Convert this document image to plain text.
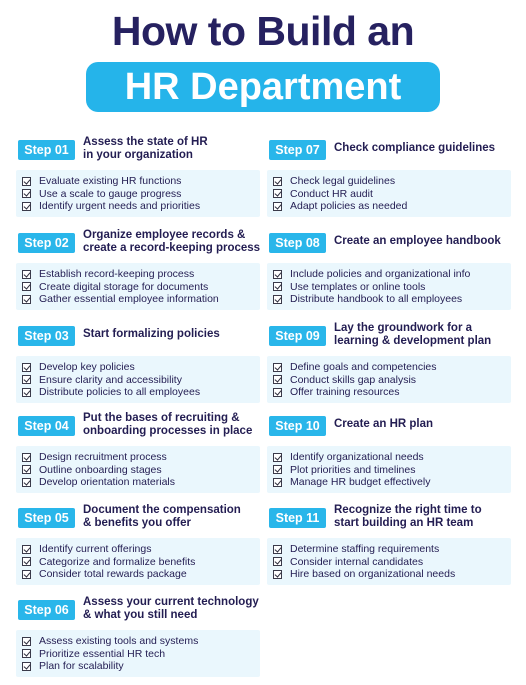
How to Build an
HR Department
Step 01
Assess the state of HR
in your organization
Evaluate existing HR functions
Use a scale to gauge progress
Identify urgent needs and priorities
Step 02
Organize employee records &
create a record-keeping process
Establish record-keeping process
Create digital storage for documents
Gather essential employee information
Step 03	Start formalizing policies
Develop key policies
Ensure clarity and accessibility
Distribute policies to all employees
Step 04
Put the bases of recruiting &
onboarding processes in place
Design recruitment process
Outline onboarding stages
Develop orientation materials
Step 05
Document the compensation
& benefits you offer
Identify current offerings
Categorize and formalize benefits
Consider total rewards package
Step 06
Assess your current technology
& what you still need
Assess existing tools and systems
Prioritize essential HR tech
Plan for scalability
Step 07	Check compliance guidelines
Check legal guidelines
Conduct HR audit
Adapt policies as needed
Step 08	Create an employee handbook
Include policies and organizational info
Use templates or online tools
Distribute handbook to all employees
Step 09
Lay the groundwork for a
learning & development plan
Define goals and competencies
Conduct skills gap analysis
Offer training resources
Step 10	Create an HR plan
Identify organizational needs
Plot priorities and timelines
Manage HR budget effectively
Step 11
Recognize the right time to
start building an HR team
Determine staffing requirements
Consider internal candidates
Hire based on organizational needs
